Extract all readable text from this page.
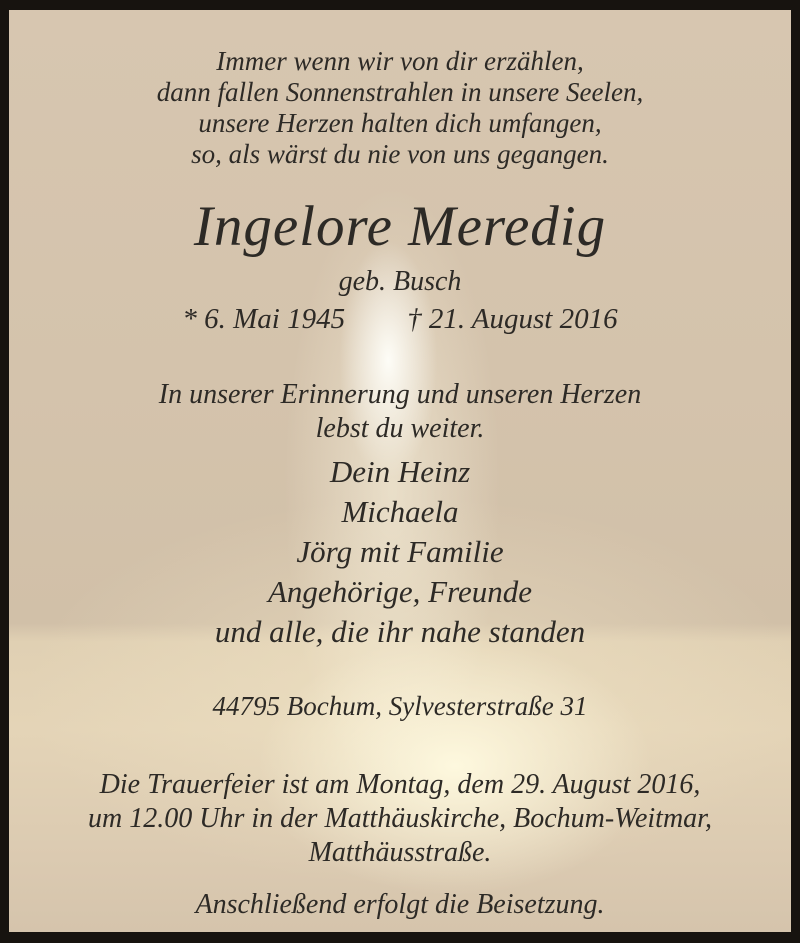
Immer wenn wir von dir erzählen,
dann fallen Sonnenstrahlen in unsere Seelen,
unsere Herzen halten dich umfangen,
so, als wärst du nie von uns gegangen.
Ingelore Meredig
geb. Busch
* 6. Mai 1945 † 21. August 2016
In unserer Erinnerung und unseren Herzen
lebst du weiter.
Dein Heinz
Michaela
Jörg mit Familie
Angehörige, Freunde
und alle, die ihr nahe standen
44795 Bochum, Sylvesterstraße 31
Die Trauerfeier ist am Montag, dem 29. August 2016,
um 12.00 Uhr in der Matthäuskirche, Bochum-Weitmar,
Matthäusstraße.
Anschließend erfolgt die Beisetzung.
